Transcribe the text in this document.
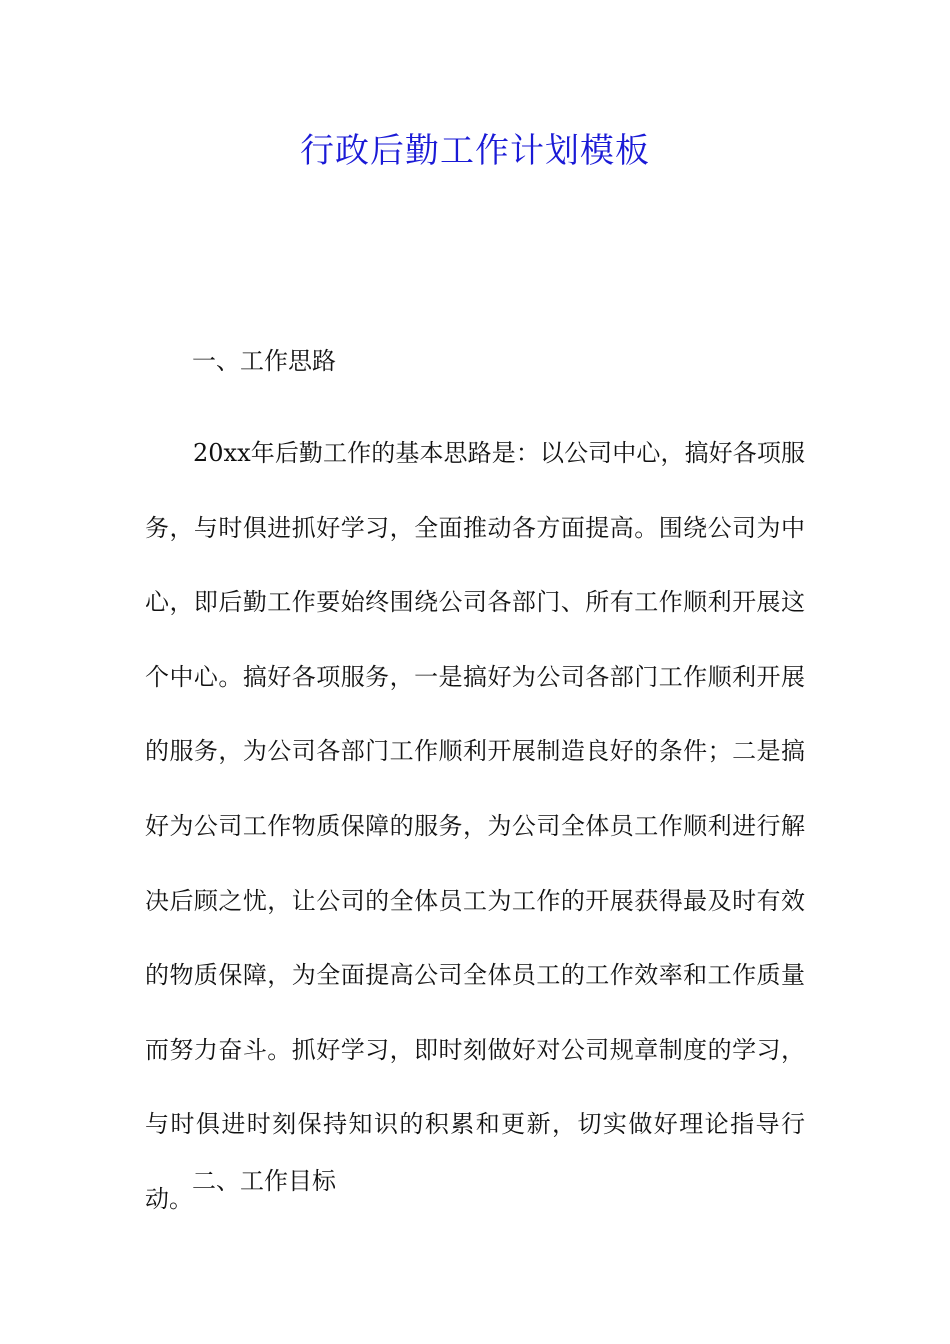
行政后勤工作计划模板
一、工作思路
20xx年后勤工作的基本思路是：以公司中心，搞好各项服务，与时俱进抓好学习，全面推动各方面提高。围绕公司为中心，即后勤工作要始终围绕公司各部门、所有工作顺利开展这个中心。搞好各项服务，一是搞好为公司各部门工作顺利开展的服务，为公司各部门工作顺利开展制造良好的条件；二是搞好为公司工作物质保障的服务，为公司全体员工作顺利进行解决后顾之忧，让公司的全体员工为工作的开展获得最及时有效的物质保障，为全面提高公司全体员工的工作效率和工作质量而努力奋斗。抓好学习，即时刻做好对公司规章制度的学习，与时俱进时刻保持知识的积累和更新，切实做好理论指导行动。
二、工作目标
